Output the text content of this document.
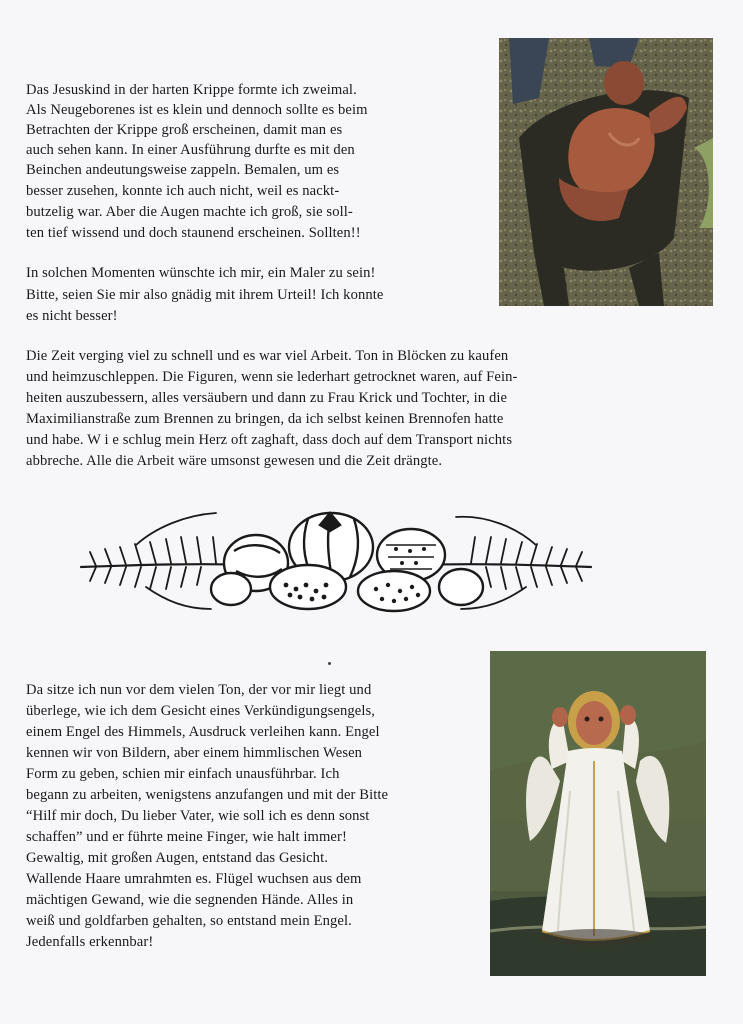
Das Jesuskind in der harten Krippe formte ich zweimal.
Als Neugeborenes ist es klein und dennoch sollte es beim
Betrachten der Krippe groß erscheinen, damit man es
auch sehen kann. In einer Ausführung durfte es mit den
Beinchen andeutungsweise zappeln. Bemalen, um es
besser zusehen, konnte ich auch nicht, weil es nackt-
butzelig war. Aber die Augen machte ich groß, sie soll-
ten tief wissend und doch staunend erscheinen. Sollten!!
In solchen Momenten wünschte ich mir, ein Maler zu sein!
Bitte, seien Sie mir also gnädig mit ihrem Urteil! Ich konnte
es nicht besser!
Die Zeit verging viel zu schnell und es war viel Arbeit. Ton in Blöcken zu kaufen
und heimzuschleppen. Die Figuren, wenn sie lederhart getrocknet waren, auf Fein-
heiten auszubessern, alles versäubern und dann zu Frau Krick und Tochter, in die
Maximilianstraße zum Brennen zu bringen, da ich selbst keinen Brennofen hatte
und habe. W i e schlug mein Herz oft zaghaft, dass doch auf dem Transport nichts
abbreche. Alle die Arbeit wäre umsonst gewesen und die Zeit drängte.
Da sitze ich nun vor dem vielen Ton, der vor mir liegt und
überlege, wie ich dem Gesicht eines Verkündigungsengels,
einem Engel des Himmels, Ausdruck verleihen kann. Engel
kennen wir von Bildern, aber einem himmlischen Wesen
Form zu geben, schien mir einfach unausführbar. Ich
begann zu arbeiten, wenigstens anzufangen und mit der Bitte
“Hilf mir doch, Du lieber Vater, wie soll ich es denn sonst
schaffen” und er führte meine Finger, wie halt immer!
Gewaltig, mit großen Augen, entstand das Gesicht.
Wallende Haare umrahmten es. Flügel wuchsen aus dem
mächtigen Gewand, wie die segnenden Hände. Alles in
weiß und goldfarben gehalten, so entstand mein Engel.
Jedenfalls erkennbar!
